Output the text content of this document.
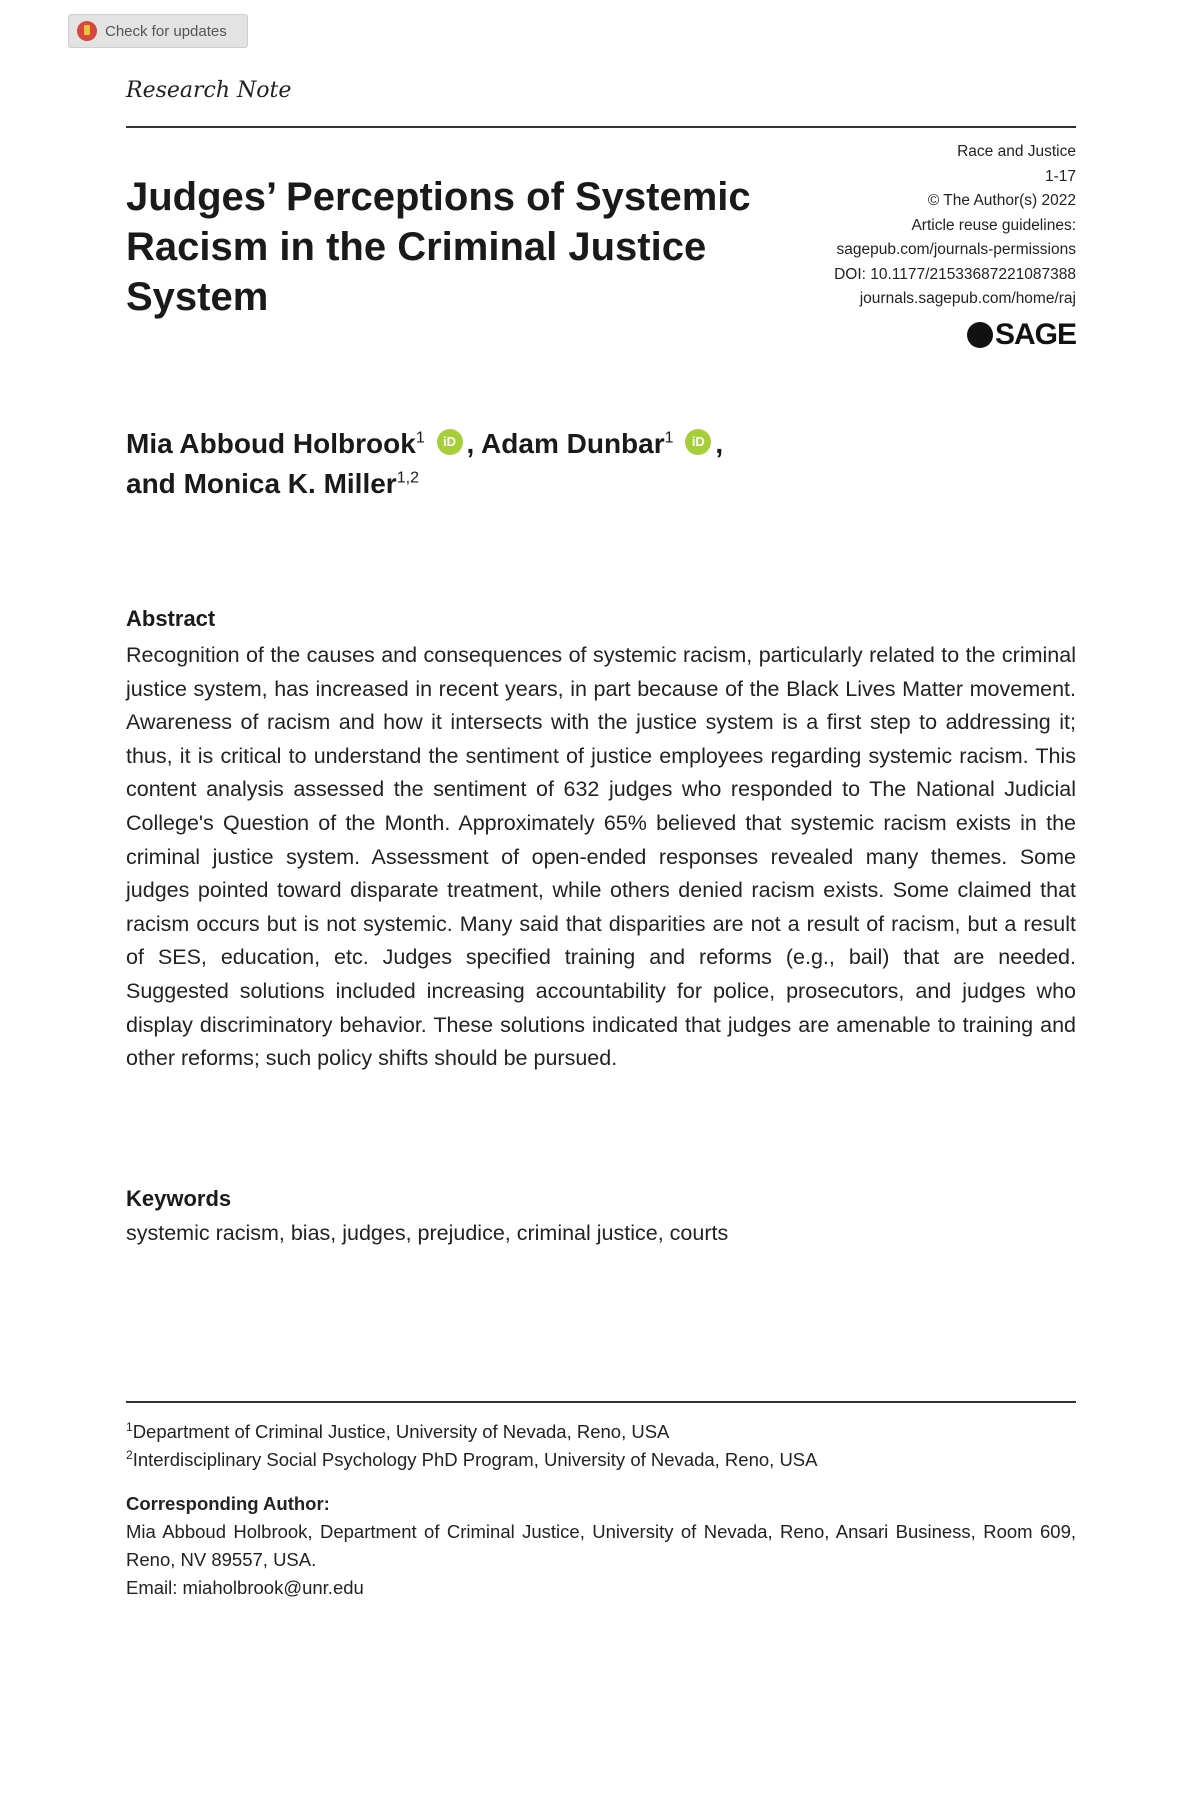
Check for updates
Research Note
Judges’ Perceptions of Systemic Racism in the Criminal Justice System
Race and Justice
1-17
© The Author(s) 2022
Article reuse guidelines:
sagepub.com/journals-permissions
DOI: 10.1177/21533687221087388
journals.sagepub.com/home/raj
SAGE
Mia Abboud Holbrook$^1$ iD , Adam Dunbar$^1$ iD ,
and Monica K. Miller$^{1,2}$
Abstract

Recognition of the causes and consequences of systemic racism, particularly related to the criminal justice system, has increased in recent years, in part because of the Black Lives Matter movement. Awareness of racism and how it intersects with the justice system is a first step to addressing it; thus, it is critical to understand the sentiment of justice employees regarding systemic racism. This content analysis assessed the sentiment of 632 judges who responded to The National Judicial College's Question of the Month. Approximately 65% believed that systemic racism exists in the criminal justice system. Assessment of open-ended responses revealed many themes. Some judges pointed toward disparate treatment, while others denied racism exists. Some claimed that racism occurs but is not systemic. Many said that disparities are not a result of racism, but a result of SES, education, etc. Judges specified training and reforms (e.g., bail) that are needed. Suggested solutions included increasing accountability for police, prosecutors, and judges who display discriminatory behavior. These solutions indicated that judges are amenable to training and other reforms; such policy shifts should be pursued.

Keywords
systemic racism, bias, judges, prejudice, criminal justice, courts
$^1$Department of Criminal Justice, University of Nevada, Reno, USA
$^2$Interdisciplinary Social Psychology PhD Program, University of Nevada, Reno, USA
Corresponding Author:
Mia Abboud Holbrook, Department of Criminal Justice, University of Nevada, Reno, Ansari Business, Room 609, Reno, NV 89557, USA.
Email: miaholbrook@unr.edu
